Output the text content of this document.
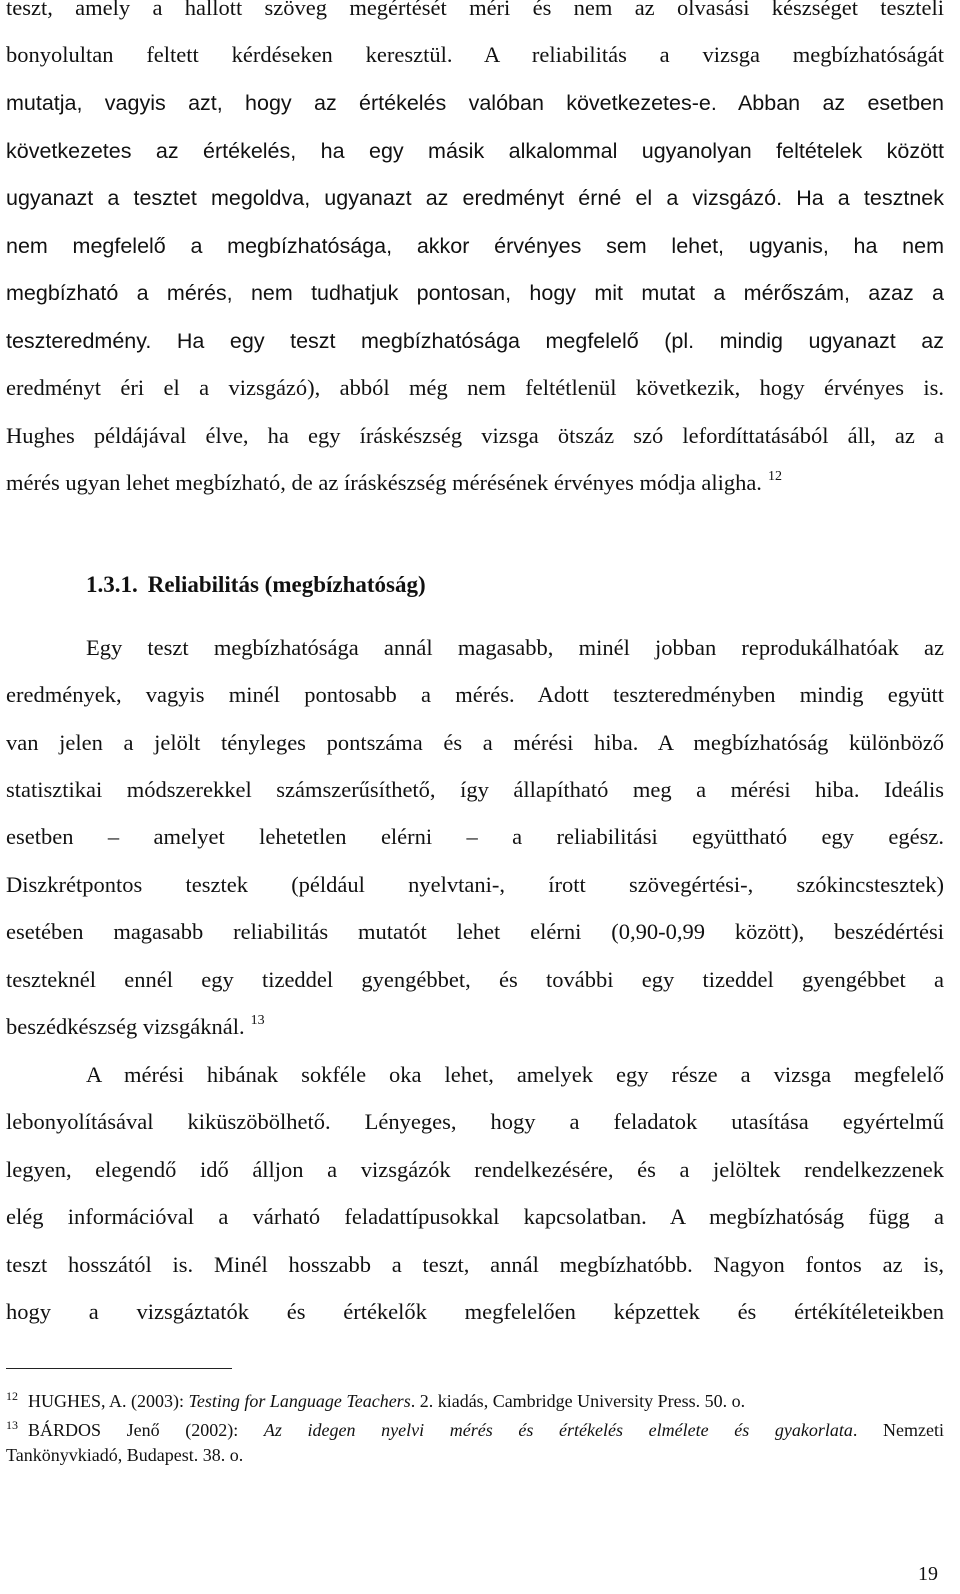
teszt, amely a hallott szöveg megértését méri és nem az olvasási készséget teszteli
bonyolultan feltett kérdéseken keresztül. A reliabilitás a vizsga megbízhatóságát
mutatja, vagyis azt, hogy az értékelés valóban következetes-e. Abban az esetben
következetes az értékelés, ha egy másik alkalommal ugyanolyan feltételek között
ugyanazt a tesztet megoldva, ugyanazt az eredményt érné el a vizsgázó. Ha a tesztnek
nem megfelelő a megbízhatósága, akkor érvényes sem lehet, ugyanis, ha nem
megbízható a mérés, nem tudhatjuk pontosan, hogy mit mutat a mérőszám, azaz a
teszteredmény. Ha egy teszt megbízhatósága megfelelő (pl. mindig ugyanazt az
eredményt éri el a vizsgázó), abból még nem feltétlenül következik, hogy érvényes is.
Hughes példájával élve, ha egy íráskészség vizsga ötszáz szó lefordíttatásából áll, az a
mérés ugyan lehet megbízható, de az íráskészség mérésének érvényes módja aligha. $^{12}$
1.3.1. Reliabilitás (megbízhatóság)
Egy teszt megbízhatósága annál magasabb, minél jobban reprodukálhatóak az
eredmények, vagyis minél pontosabb a mérés. Adott teszteredményben mindig együtt
van jelen a jelölt tényleges pontszáma és a mérési hiba. A megbízhatóság különböző
statisztikai módszerekkel számszerűsíthető, így állapítható meg a mérési hiba. Ideális
esetben – amelyet lehetetlen elérni – a reliabilitási együttható egy egész.
Diszkrétpontos tesztek (például nyelvtani-, írott szövegértési-, szókincstesztek)
esetében magasabb reliabilitás mutatót lehet elérni (0,90-0,99 között), beszédértési
teszteknél ennél egy tizeddel gyengébbet, és további egy tizeddel gyengébbet a
beszédkészség vizsgáknál. $^{13}$
A mérési hibának sokféle oka lehet, amelyek egy része a vizsga megfelelő
lebonyolításával kiküszöbölhető. Lényeges, hogy a feladatok utasítása egyértelmű
legyen, elegendő idő álljon a vizsgázók rendelkezésére, és a jelöltek rendelkezzenek
elég információval a várható feladattípusokkal kapcsolatban. A megbízhatóság függ a
teszt hosszától is. Minél hosszabb a teszt, annál megbízhatóbb. Nagyon fontos az is,
hogy a vizsgáztatók és értékelők megfelelően képzettek és értékítéleteikben
$^{12}$ HUGHES, A. (2003): Testing for Language Teachers. 2. kiadás, Cambridge University Press. 50. o.
$^{13}$ BÁRDOS Jenő (2002): Az idegen nyelvi mérés és értékelés elmélete és gyakorlata. Nemzeti
Tankönyvkiadó, Budapest. 38. o.
19
